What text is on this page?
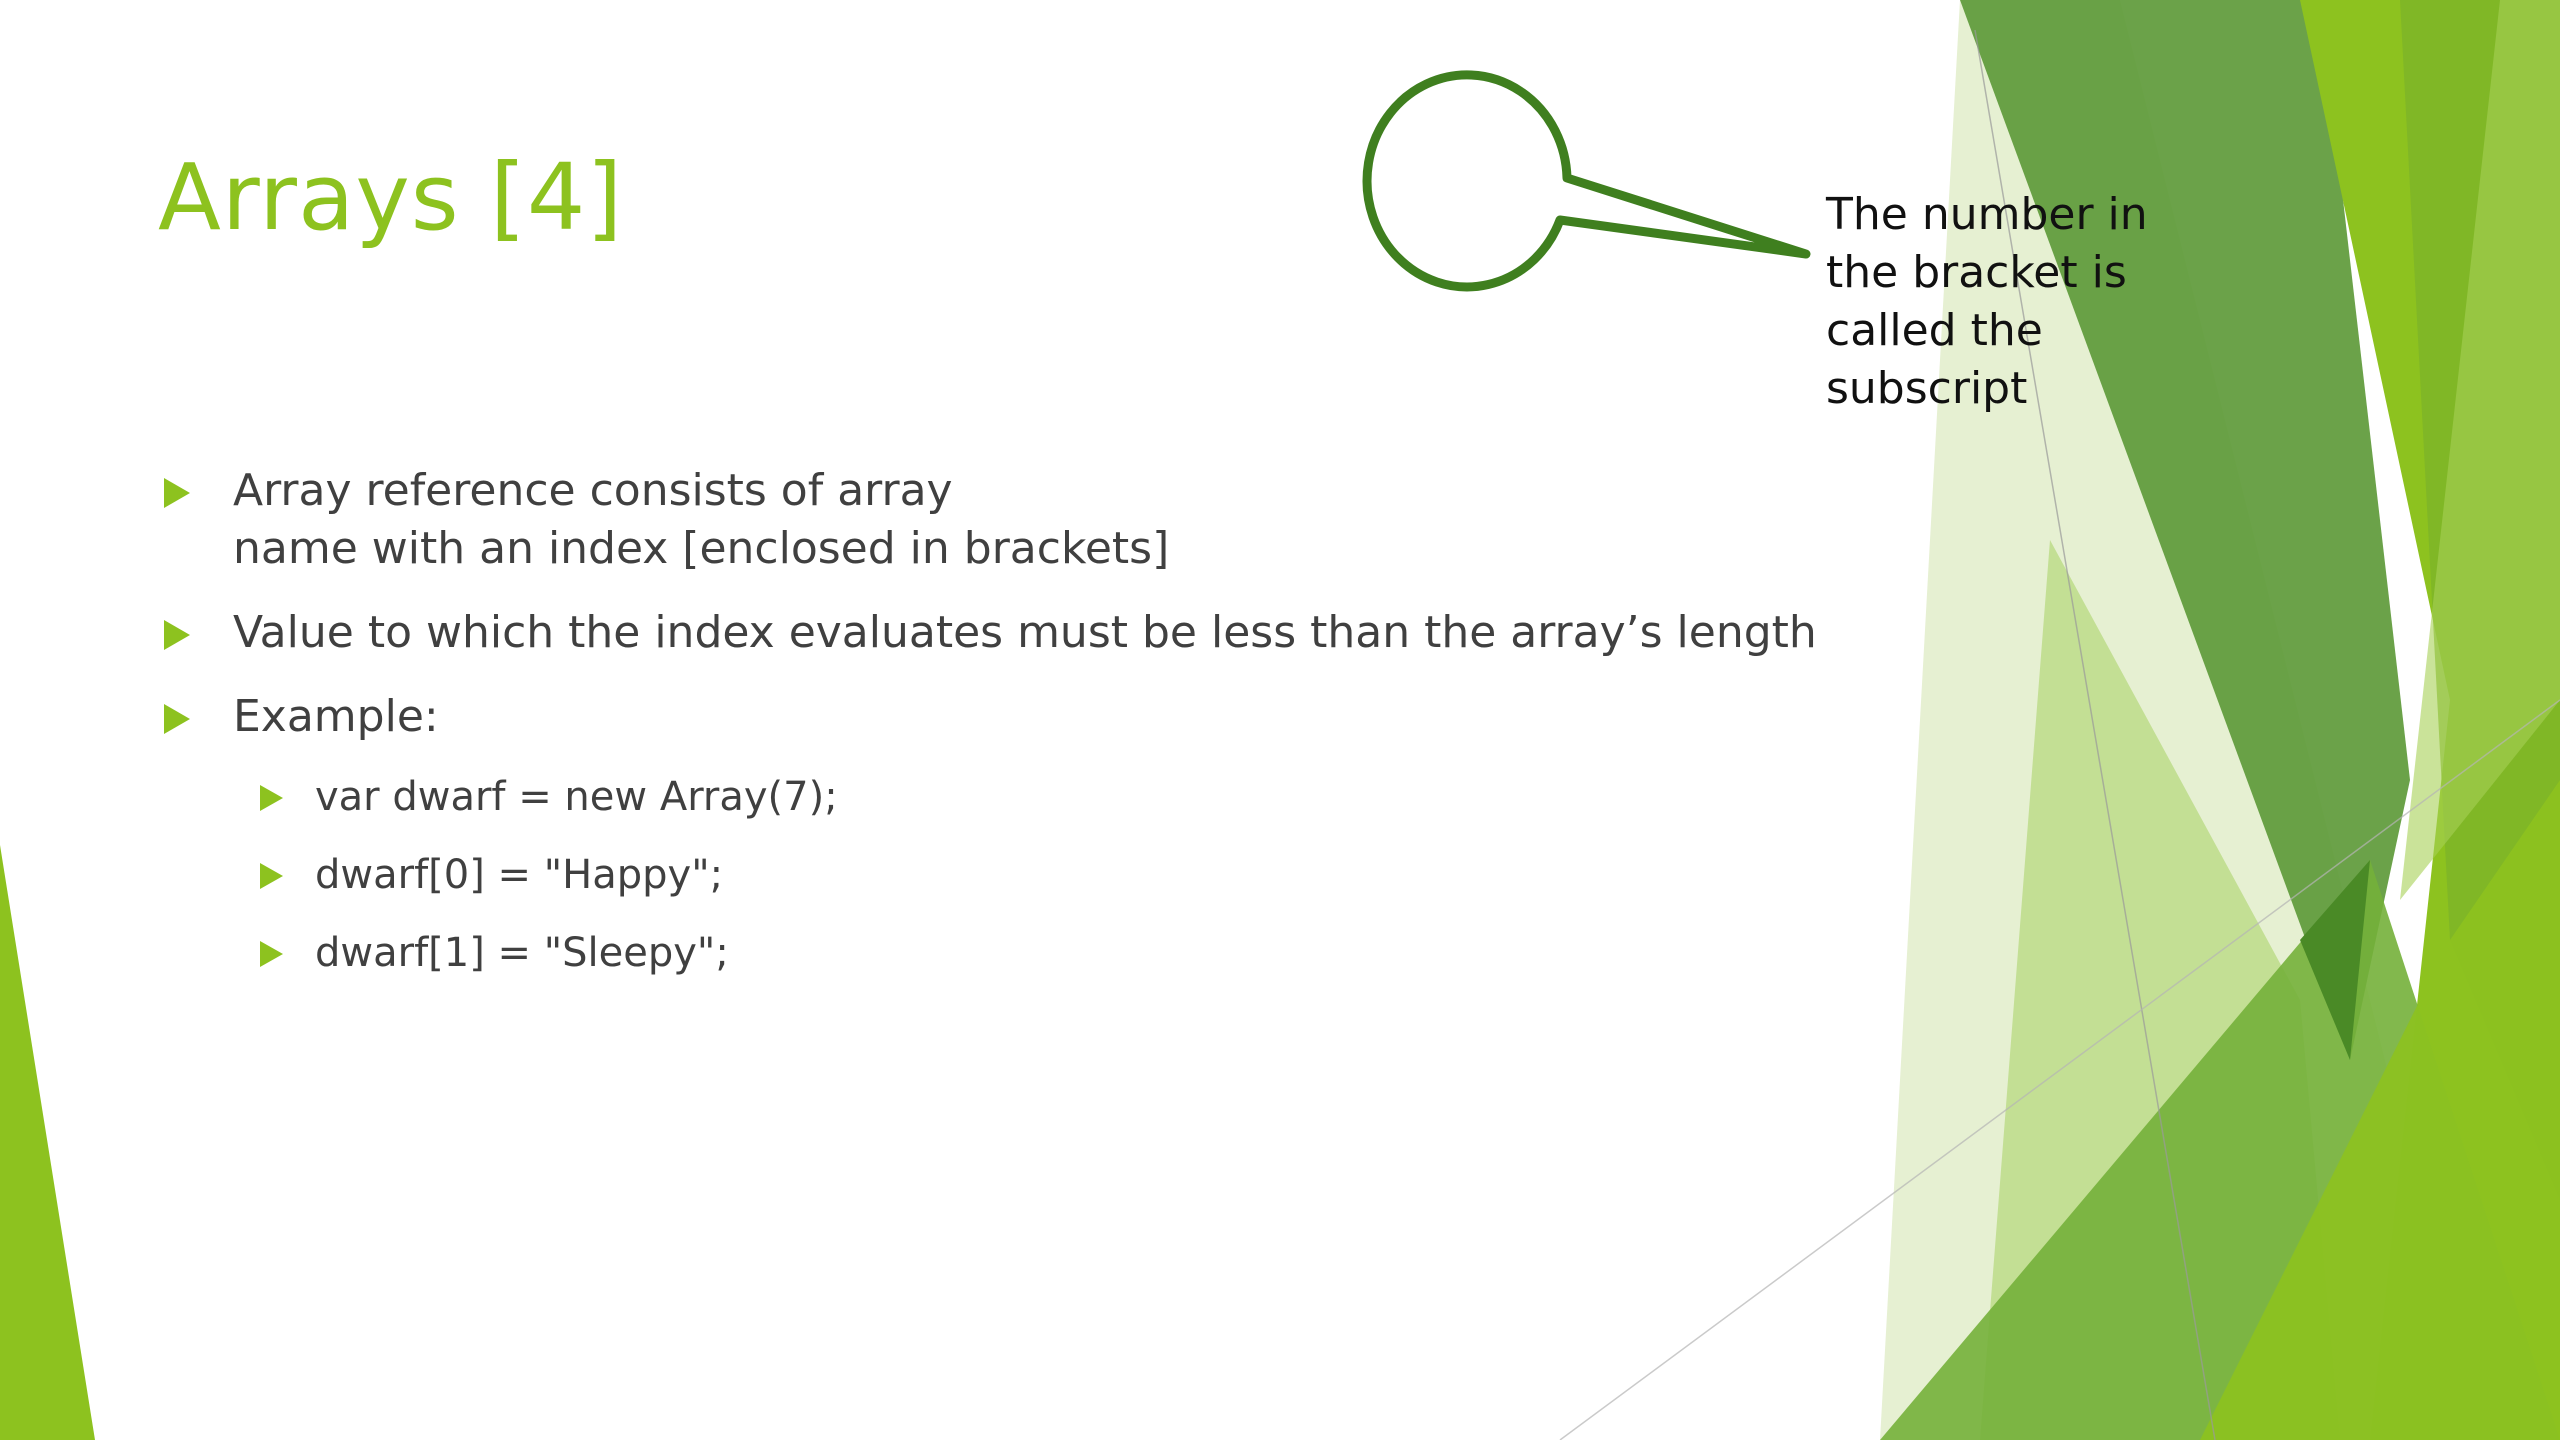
Arrays [4]
Array reference consists of array
name with an index [enclosed in brackets]
Value to which the index evaluates must be less than the array’s length
Example:
var dwarf = new Array(7);
dwarf[0] = "Happy";
dwarf[1] = "Sleepy";
The number in
the bracket is
called the
subscript
